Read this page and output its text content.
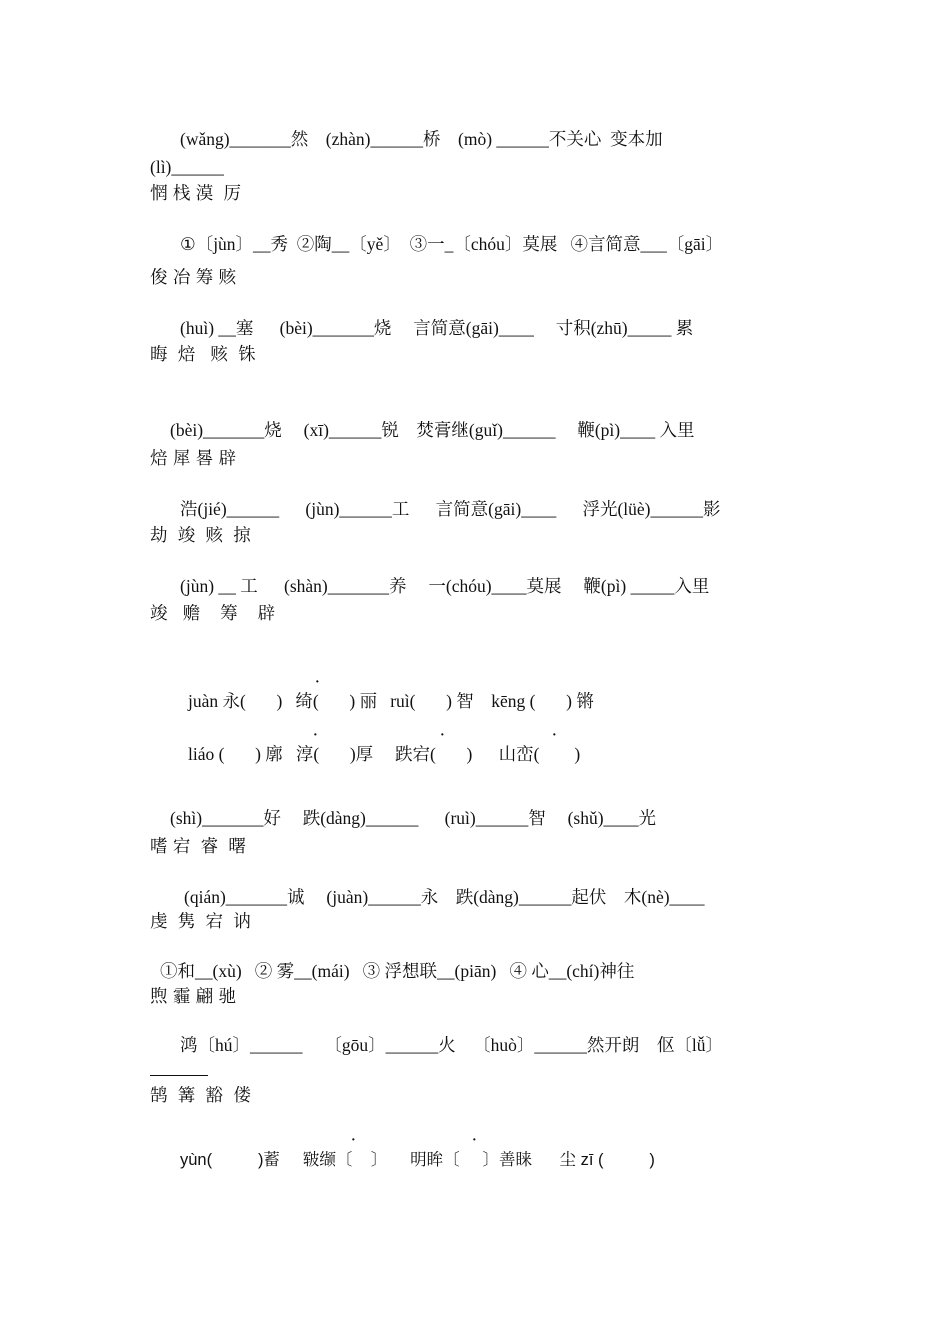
(wǎng)_______然    (zhàn)______桥    (mò) ______不关心  变本加
(lì)______
惘 栈 漠  厉
①〔jùn〕__秀  ②陶__〔yě〕  ③一_〔chóu〕莫展   ④言简意___〔gāi〕
俊 冶 筹 赅
(huì) __塞      (bèi)_______烧     言简意(gāi)____     寸积(zhū)_____ 累
晦  焙   赅  铢
(bèi)_______烧     (xī)______锐    焚膏继(guǐ)______     鞭(pì)____ 入里
焙 犀 晷 辟
浩(jié)______      (jùn)______工      言简意(gāi)____      浮光(lüè)______影
劫  竣  赅  掠
(jùn) __ 工      (shàn)_______养     一(chóu)____莫展     鞭(pì) _____入里
竣   赡    筹    辟
·
juàn 永(       )   绮(       ) 丽   ruì(       ) 智    kēng (       ) 锵
·	·	·
liáo (       ) 廓   淳(       )厚     跌宕(       )      山峦(        )
(shì)_______好     跌(dàng)______      (ruì)______智     (shǔ)____光
嗜 宕  睿  曙
(qián)_______诚     (juàn)______永    跌(dàng)______起伏    木(nè)____
虔  隽  宕  讷
①和__(xù)   ② 雾__(mái)   ③ 浮想联__(piān)   ④ 心__(chí)神往
煦 霾 翩 驰
鸿〔hú〕______     〔gōu〕______火    〔huò〕______然开朗    伛〔lǚ〕
鹄  篝  豁  偻
·	·
yùn(          )蓄     皲缬〔    〕     明眸〔     〕善睐      尘 zī (          )
